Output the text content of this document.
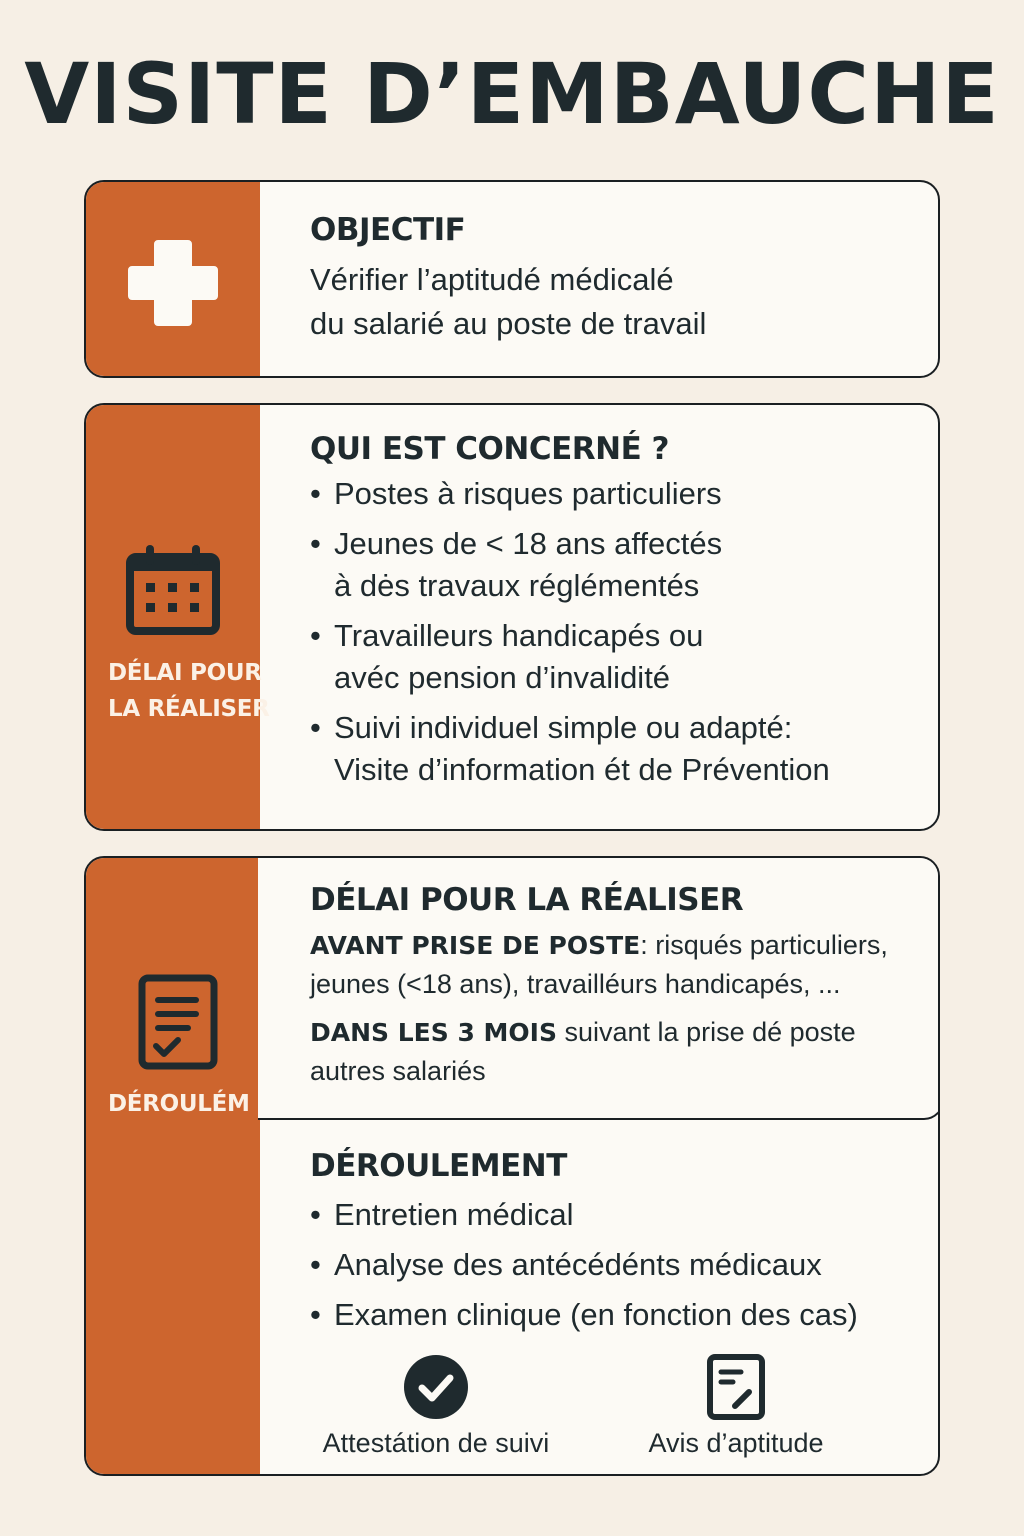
VISITE D’EMBAUCHE
OBJECTIF
Vérifier l’aptitudé médicalé
du salarié au poste de travail
DÉLAI POUR
LA RÉALISER
QUI EST CONCERNÉ ?
• Postes à risques particuliers
• Jeunes de < 18 ans affectés
à dės travaux réglémentés
• Travailleurs handicapés ou
avéc pension d’invalidité
• Suivi individuel simple ou adapté:
Visite d’information ét de Prévention
DÉROULÉM
DÉLAI POUR LA RÉALISER
AVANT PRISE DE POSTE: risqués particuliers,
jeunes (<18 ans), travailléurs handicapés, ...
DANS LES 3 MOIS suivant la prise dé poste
autres salariés
DÉROULEMENT
• Entretien médical
• Analyse des antécédénts médicaux
• Examen clinique (en fonction des cas)
Attestátion de suivi	Avis d’aptitude
